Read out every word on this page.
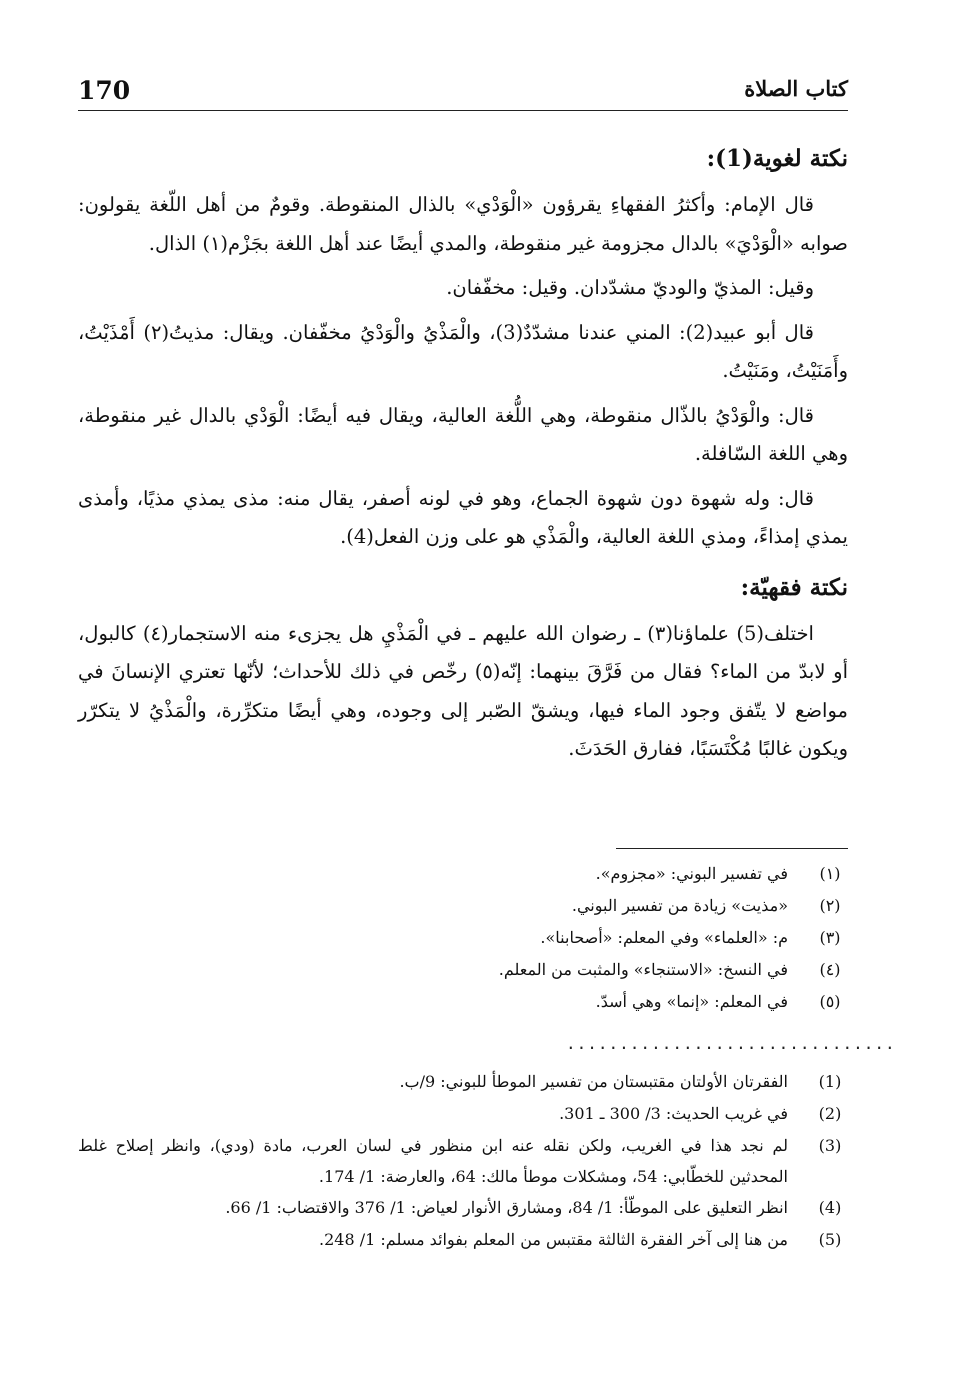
170	كتاب الصلاة
نكتة لغوية(1):

قال الإمام: وأكثرُ الفقهاءِ يقرؤون «الْوَدْي» بالذال المنقوطة. وقومٌ من أهل اللّغة يقولون: صوابه «الْوَدْيَ» بالدال مجزومة غير منقوطة، والمدي أيضًا عند أهل اللغة بجَزْم(١) الذال.

وقيل: المذيّ والوديّ مشدّدان. وقيل: مخفّفان.

قال أبو عبيد(2): المني عندنا مشدّدٌ(3)، والْمَذْيُ والْوَدْيُ مخفّفان. ويقال: مذيتُ(٢) أَمْذَيْتُ، وأَمَنَيْتُ، ومَنَيْتُ.

قال: والْوَدْيُ بالذّال منقوطة، وهي اللُّغة العالية، ويقال فيه أيضًا: الْوَدْي بالدال غير منقوطة، وهي اللغة السّافلة.

قال: وله شهوة دون شهوة الجماع، وهو في لونه أصفر، يقال منه: مذى يمذي مذيًا، وأمذى يمذي إمذاءً، ومذي اللغة العالية، والْمَذْي هو على وزن الفعل(4).

نكتة فقهيّة:

اختلف(5) علماؤنا(٣) ـ رضوان الله عليهم ـ في الْمَذْيِ هل يجزىء منه الاستجمار(٤) كالبول، أو لابدّ من الماء؟ فقال من فَرَّقَ بينهما: إنّه(٥) رخّص في ذلك للأحداث؛ لأنّها تعتري الإنسانَ في مواضع لا يتّفق وجود الماء فيها، ويشقّ الصّبر إلى وجوده، وهي أيضًا متكرِّرة، والْمَذْيُ لا يتكرّر ويكون غالبًا مُكْتَسَبًا، ففارق الحَدَثَ.

(١)
في تفسير البوني: «مجزوم».
(٢)
«مذيت» زيادة من تفسير البوني.
(٣)
م: «العلماء» وفي المعلم: «أصحابنا».
(٤)
في النسخ: «الاستنجاء» والمثبت من المعلم.
(٥)
في المعلم: «إنما» وهي أسدّ.
...............................
(1)
الفقرتان الأولتان مقتبستان من تفسير الموطأ للبوني: 9/ب.
(2)
في غريب الحديث: 3/ 300 ـ 301.
(3)
لم نجد هذا في الغريب، ولكن نقله عنه ابن منظور في لسان العرب، مادة (ودي)، وانظر إصلاح غلط المحدثين للخطّابي: 54، ومشكلات موطأ مالك: 64، والعارضة: 1/ 174.
(4)
انظر التعليق على الموطّأ: 1/ 84، ومشارق الأنوار لعياض: 1/ 376 والاقتضاب: 1/ 66.
(5)
من هنا إلى آخر الفقرة الثالثة مقتبس من المعلم بفوائد مسلم: 1/ 248.
